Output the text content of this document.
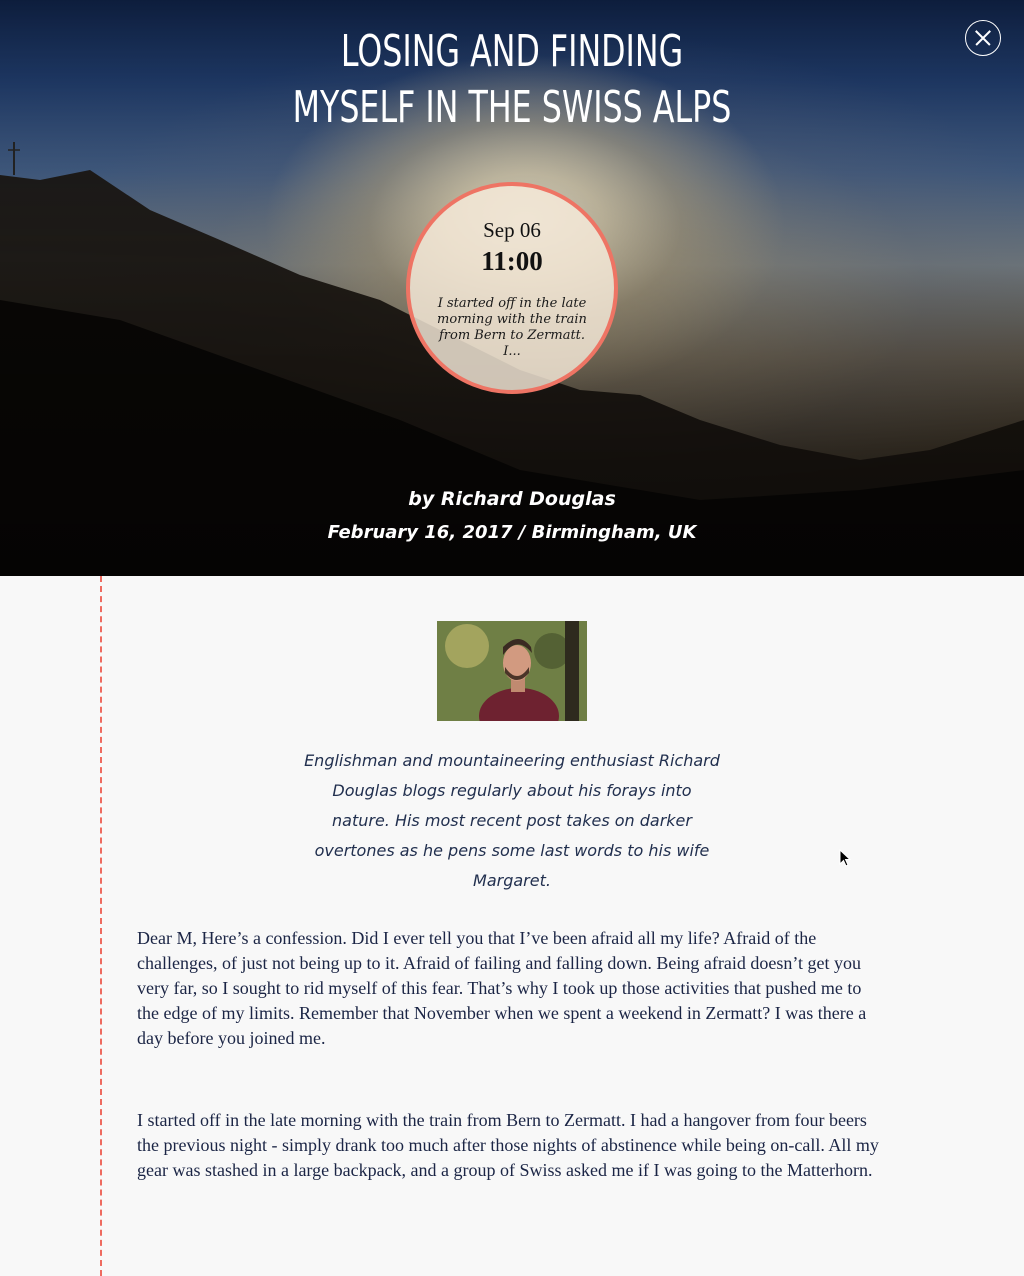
LOSING AND FINDING MYSELF IN THE SWISS ALPS
Sep 06
11:00
I started off in the late morning with the train from Bern to Zermatt. I...
by Richard Douglas
February 16, 2017 / Birmingham, UK

Englishman and mountaineering enthusiast Richard Douglas blogs regularly about his forays into nature. His most recent post takes on darker overtones as he pens some last words to his wife Margaret.

Dear M, Here’s a confession. Did I ever tell you that I’ve been afraid all my life? Afraid of the challenges, of just not being up to it. Afraid of failing and falling down. Being afraid doesn’t get you very far, so I sought to rid myself of this fear. That’s why I took up those activities that pushed me to the edge of my limits. Remember that November when we spent a weekend in Zermatt? I was there a day before you joined me.

I started off in the late morning with the train from Bern to Zermatt. I had a hangover from four beers the previous night - simply drank too much after those nights of abstinence while being on-call. All my gear was stashed in a large backpack, and a group of Swiss asked me if I was going to the Matterhorn.
